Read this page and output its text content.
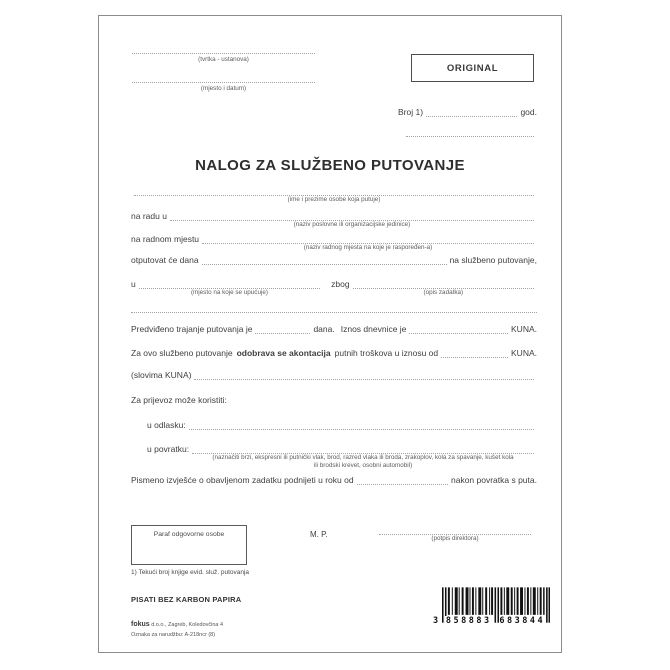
(tvrtka - ustanova)
(mjesto i datum)
ORIGINAL
Broj 1)	god.
NALOG ZA SLUŽBENO PUTOVANJE
(ime i prezime osobe koja putuje)
na radu u
(naziv poslovne ili organizacijske jedinice)
na radnom mjestu
(naziv radnog mjesta na koje je raspoređen-a)
otputovat će dana	na službeno putovanje,
u
(mjesto na koje se upućuje)
zbog
(opis zadatka)
Predviđeno trajanje putovanja je	dana. Iznos dnevnice je	KUNA.
Za ovo službeno putovanje odobrava se akontacija putnih troškova u iznosu od	KUNA.
(slovima KUNA)
Za prijevoz može koristiti:
u odlasku:
u povratku:
(naznačiti brzi, ekspresni ili putnički vlak, brod, razred vlaka ili broda, zrakoplov, kola za spavanje, kušet kola
ili brodski krevet, osobni automobil)
Pismeno izvješće o obavljenom zadatku podnijeti u roku od	nakon povratka s puta.
Paraf odgovorne osobe	M. P.	(potpis direktora)
1) Tekući broj knjige evid. služ. putovanja
PISATI BEZ KARBON PAPIRA
fokus d.o.o., Zagreb, Koledovčina 4
Oznaka za narudžbu: A-218ncr (8)
3 858883 683844
